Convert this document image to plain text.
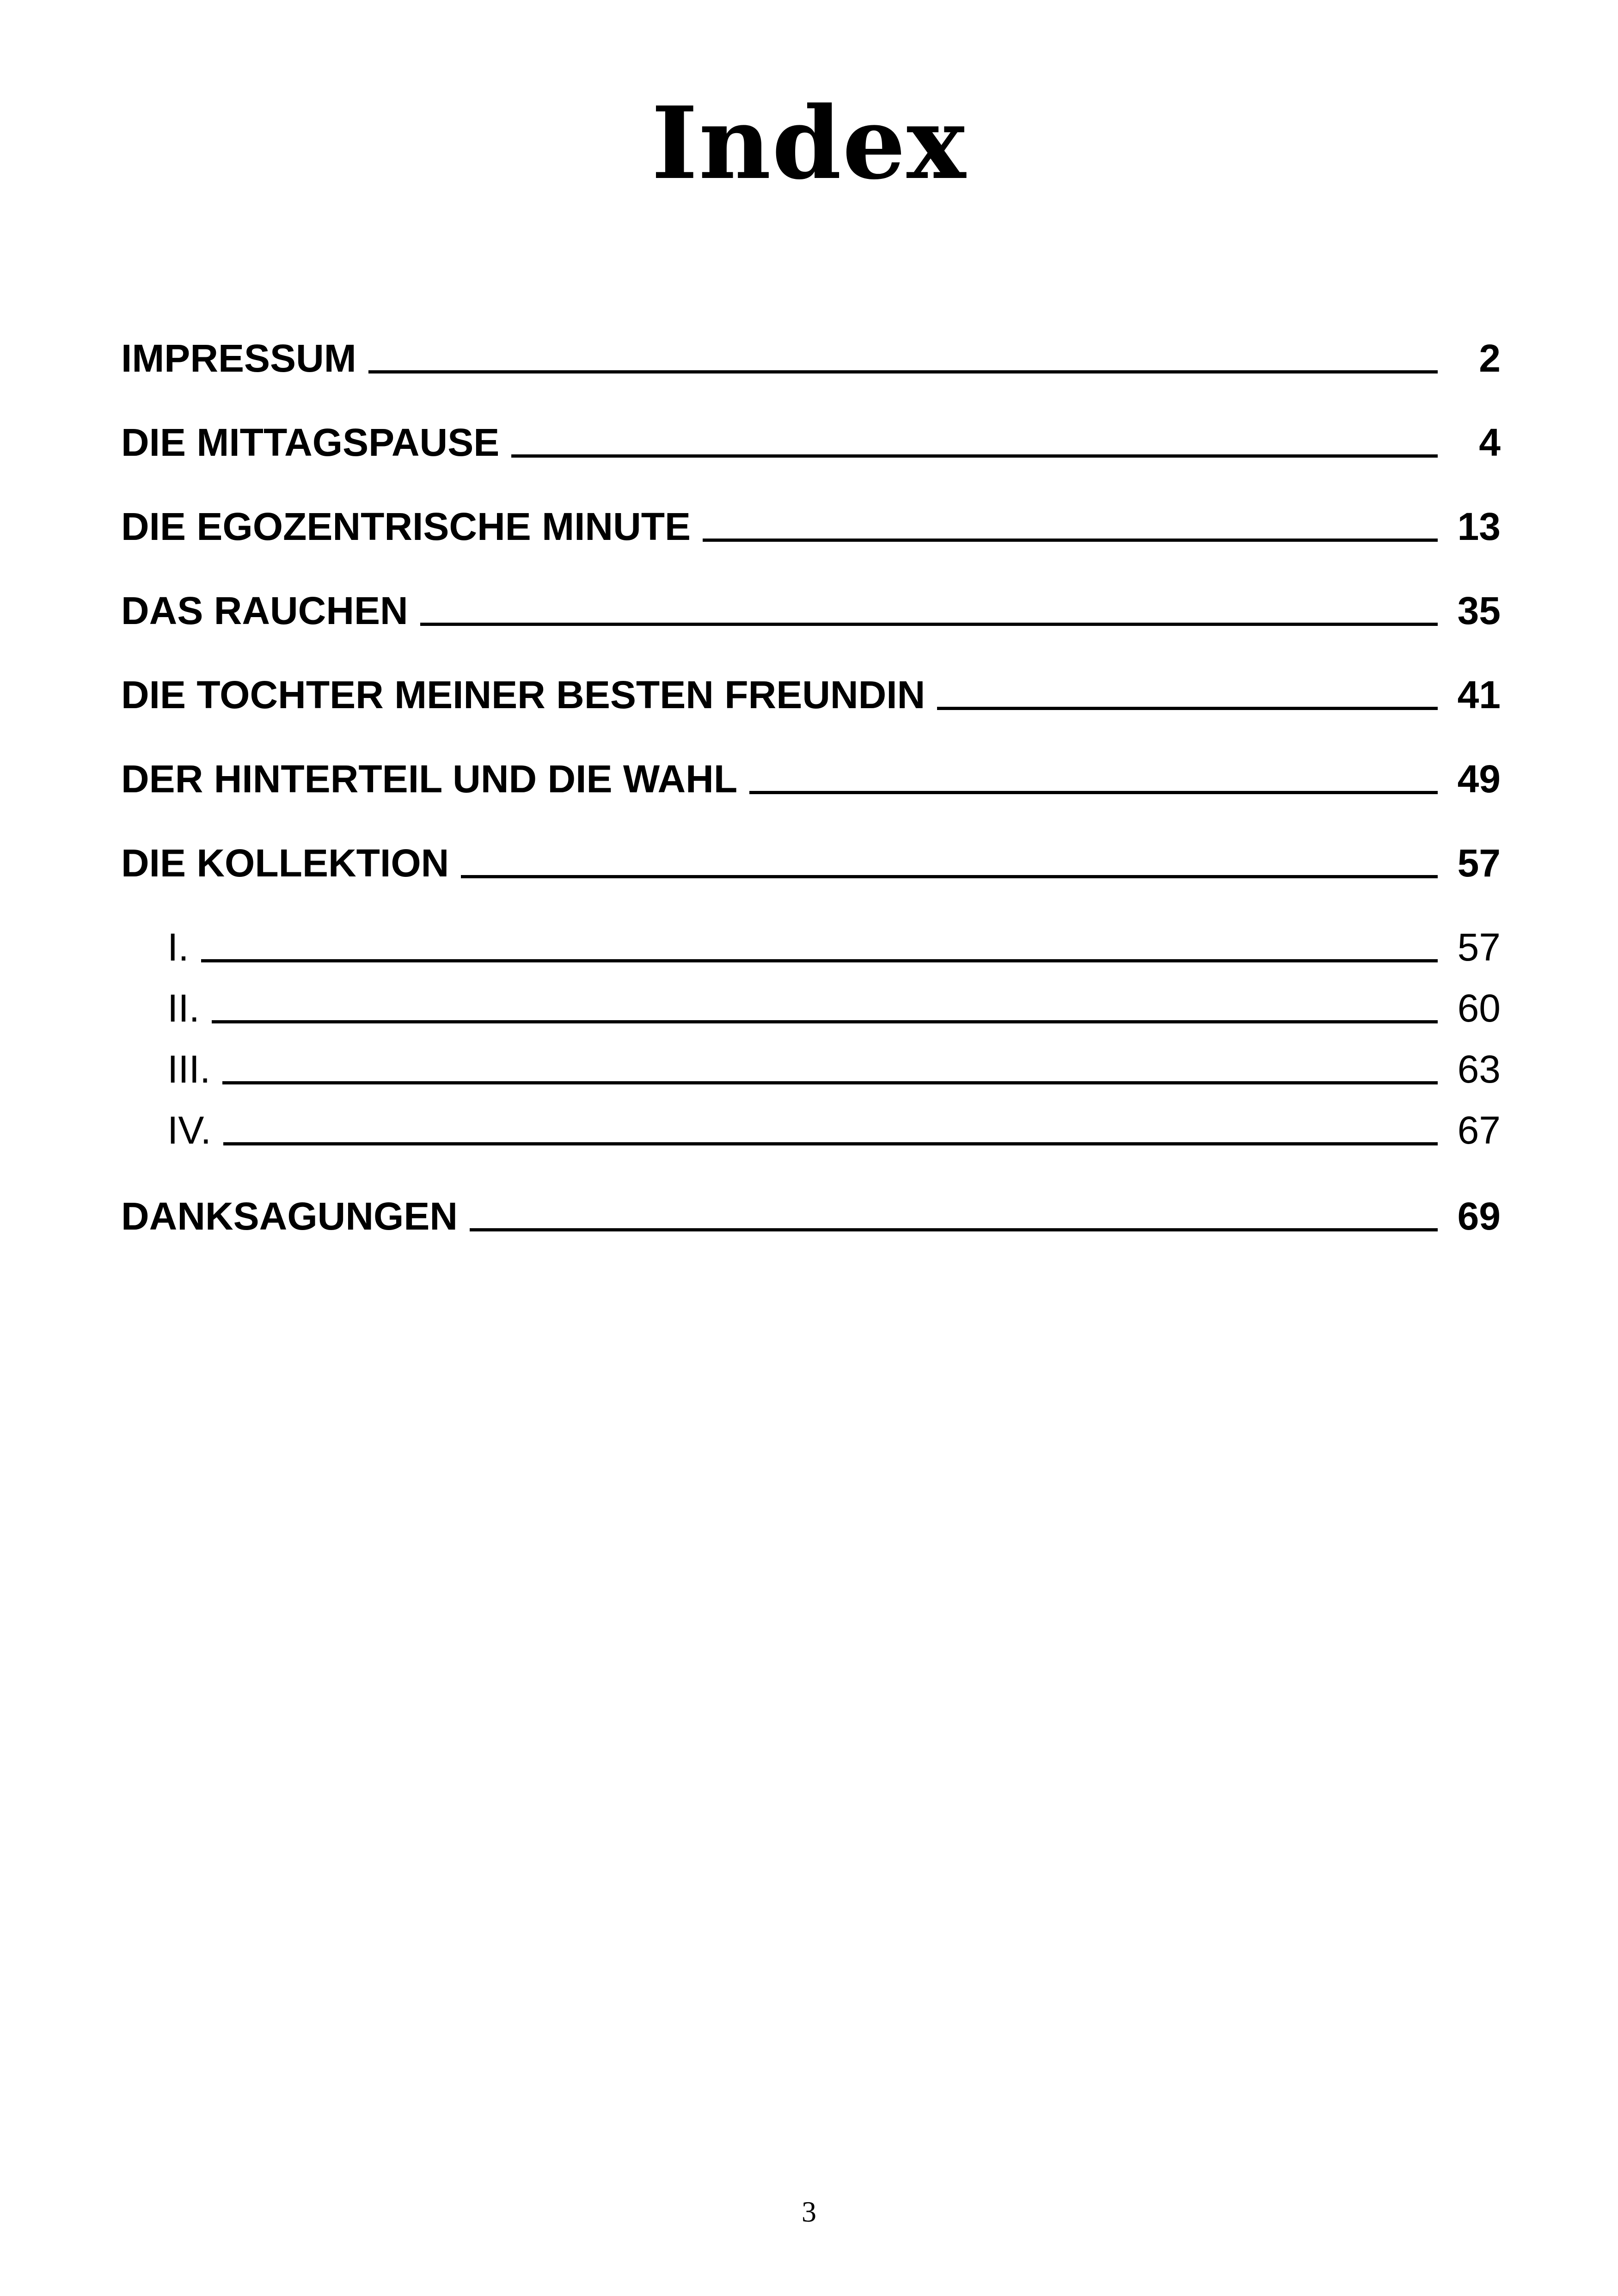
Index
IMPRESSUM	2
DIE MITTAGSPAUSE	4
DIE EGOZENTRISCHE MINUTE	13
DAS RAUCHEN	35
DIE TOCHTER MEINER BESTEN FREUNDIN	41
DER HINTERTEIL UND DIE WAHL	49
DIE KOLLEKTION	57
I.	57
II.	60
III.	63
IV.	67
DANKSAGUNGEN	69
3
